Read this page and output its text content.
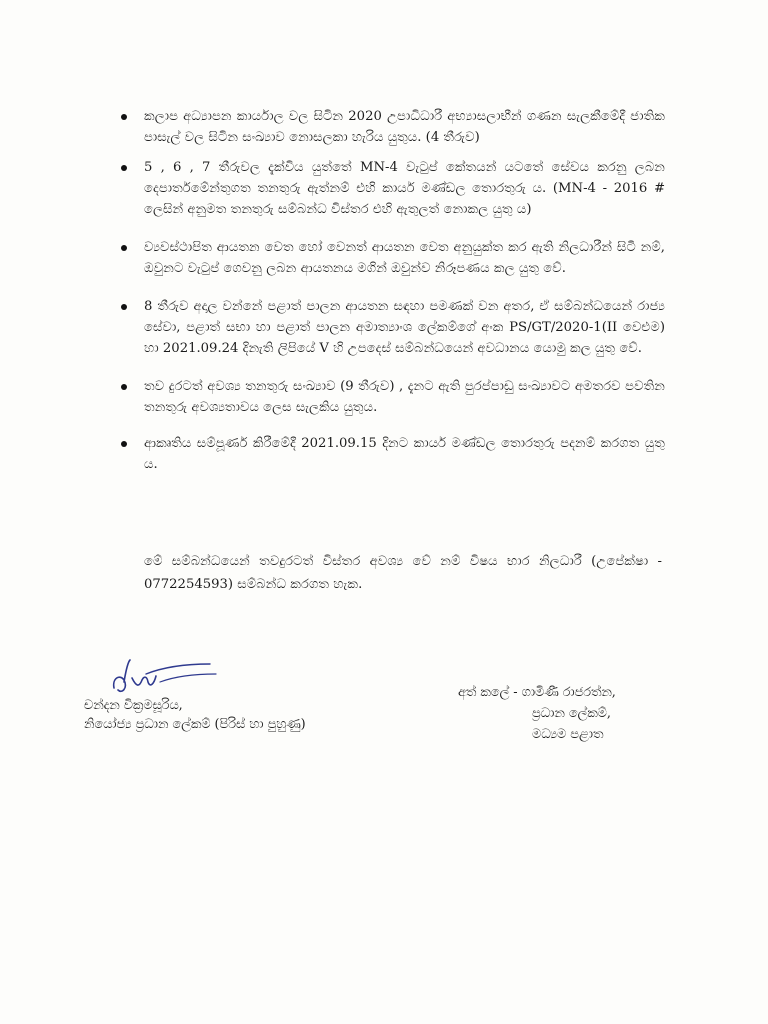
කලාප අධ්‍යාපන කාර්යාල වල සිටින 2020 උපාධිධාරී අභ්‍යාසලාභීන් ගණන සැලකීමේදී ජාතික පාසැල් වල සිටින සංඛ්‍යාව නොසලකා හැරිය යුතුය. (4 තීරුව)
5 , 6 , 7 තීරුවල දැක්විය යුත්තේ MN-4 වැටුප් කේතයන් යටතේ සේවය කරනු ලබන දෙපාර්තමේන්තුගත තනතුරු ඇත්නම් එහි කාර්ය මණ්ඩල තොරතුරු ය. (MN-4 - 2016 # ලෙසින් අනුමත තනතුරු සම්බන්ධ විස්තර එහි ඇතුලත් නොකල යුතු ය)
ව්‍යවස්ථාපිත ආයතන වෙත හෝ වෙනත් ආයතන වෙත අනුයුක්ත කර ඇති නිලධාරීන් සිටී නම්, ඔවුනට වැටුප් ගෙවනු ලබන ආයතනය මගින් ඔවුන්ව නිරූපණය කල යුතු වේ.
8 තීරුව අදාල වන්නේ පළාත් පාලන ආයතන සඳහා පමණක් වන අතර, ඒ සම්බන්ධයෙන් රාජ්‍ය සේවා, පළාත් සභා හා පළාත් පාලන අමාත්‍යාංශ ලේකම්ගේ අංක PS/GT/2020-1(II වෙළුම) හා 2021.09.24 දිනැති ලිපියේ V හි උපදෙස් සම්බන්ධයෙන් අවධානය යොමු කල යුතු වේ.
තව දුරටත් අවශ්‍ය තනතුරු සංඛ්‍යාව (9 තීරුව) , දැනට ඇති පුරප්පාඩු සංඛ්‍යාවට අමතරව පවතින තනතුරු අවශ්‍යතාවය ලෙස සැලකිය යුතුය.
ආකෘතිය සම්පූර්ණ කිරීමේදී 2021.09.15 දිනට කාර්ය මණ්ඩල තොරතුරු පදනම් කරගත යුතු ය.

මේ සම්බන්ධයෙන් තවදුරටත් විස්තර අවශ්‍ය වේ නම් විෂය භාර නිලධාරී (උපේක්ෂා - 0772254593) සම්බන්ධ කරගත හැක.

චන්දන වික්‍රමසූරිය,
නියෝජ්‍ය ප්‍රධාන ලේකම් (පිරිස් හා පුහුණු)
අත් කලේ - ගාමිණී රාජරත්න,
ප්‍රධාන ලේකම්,
මධ්‍යම පළාත
